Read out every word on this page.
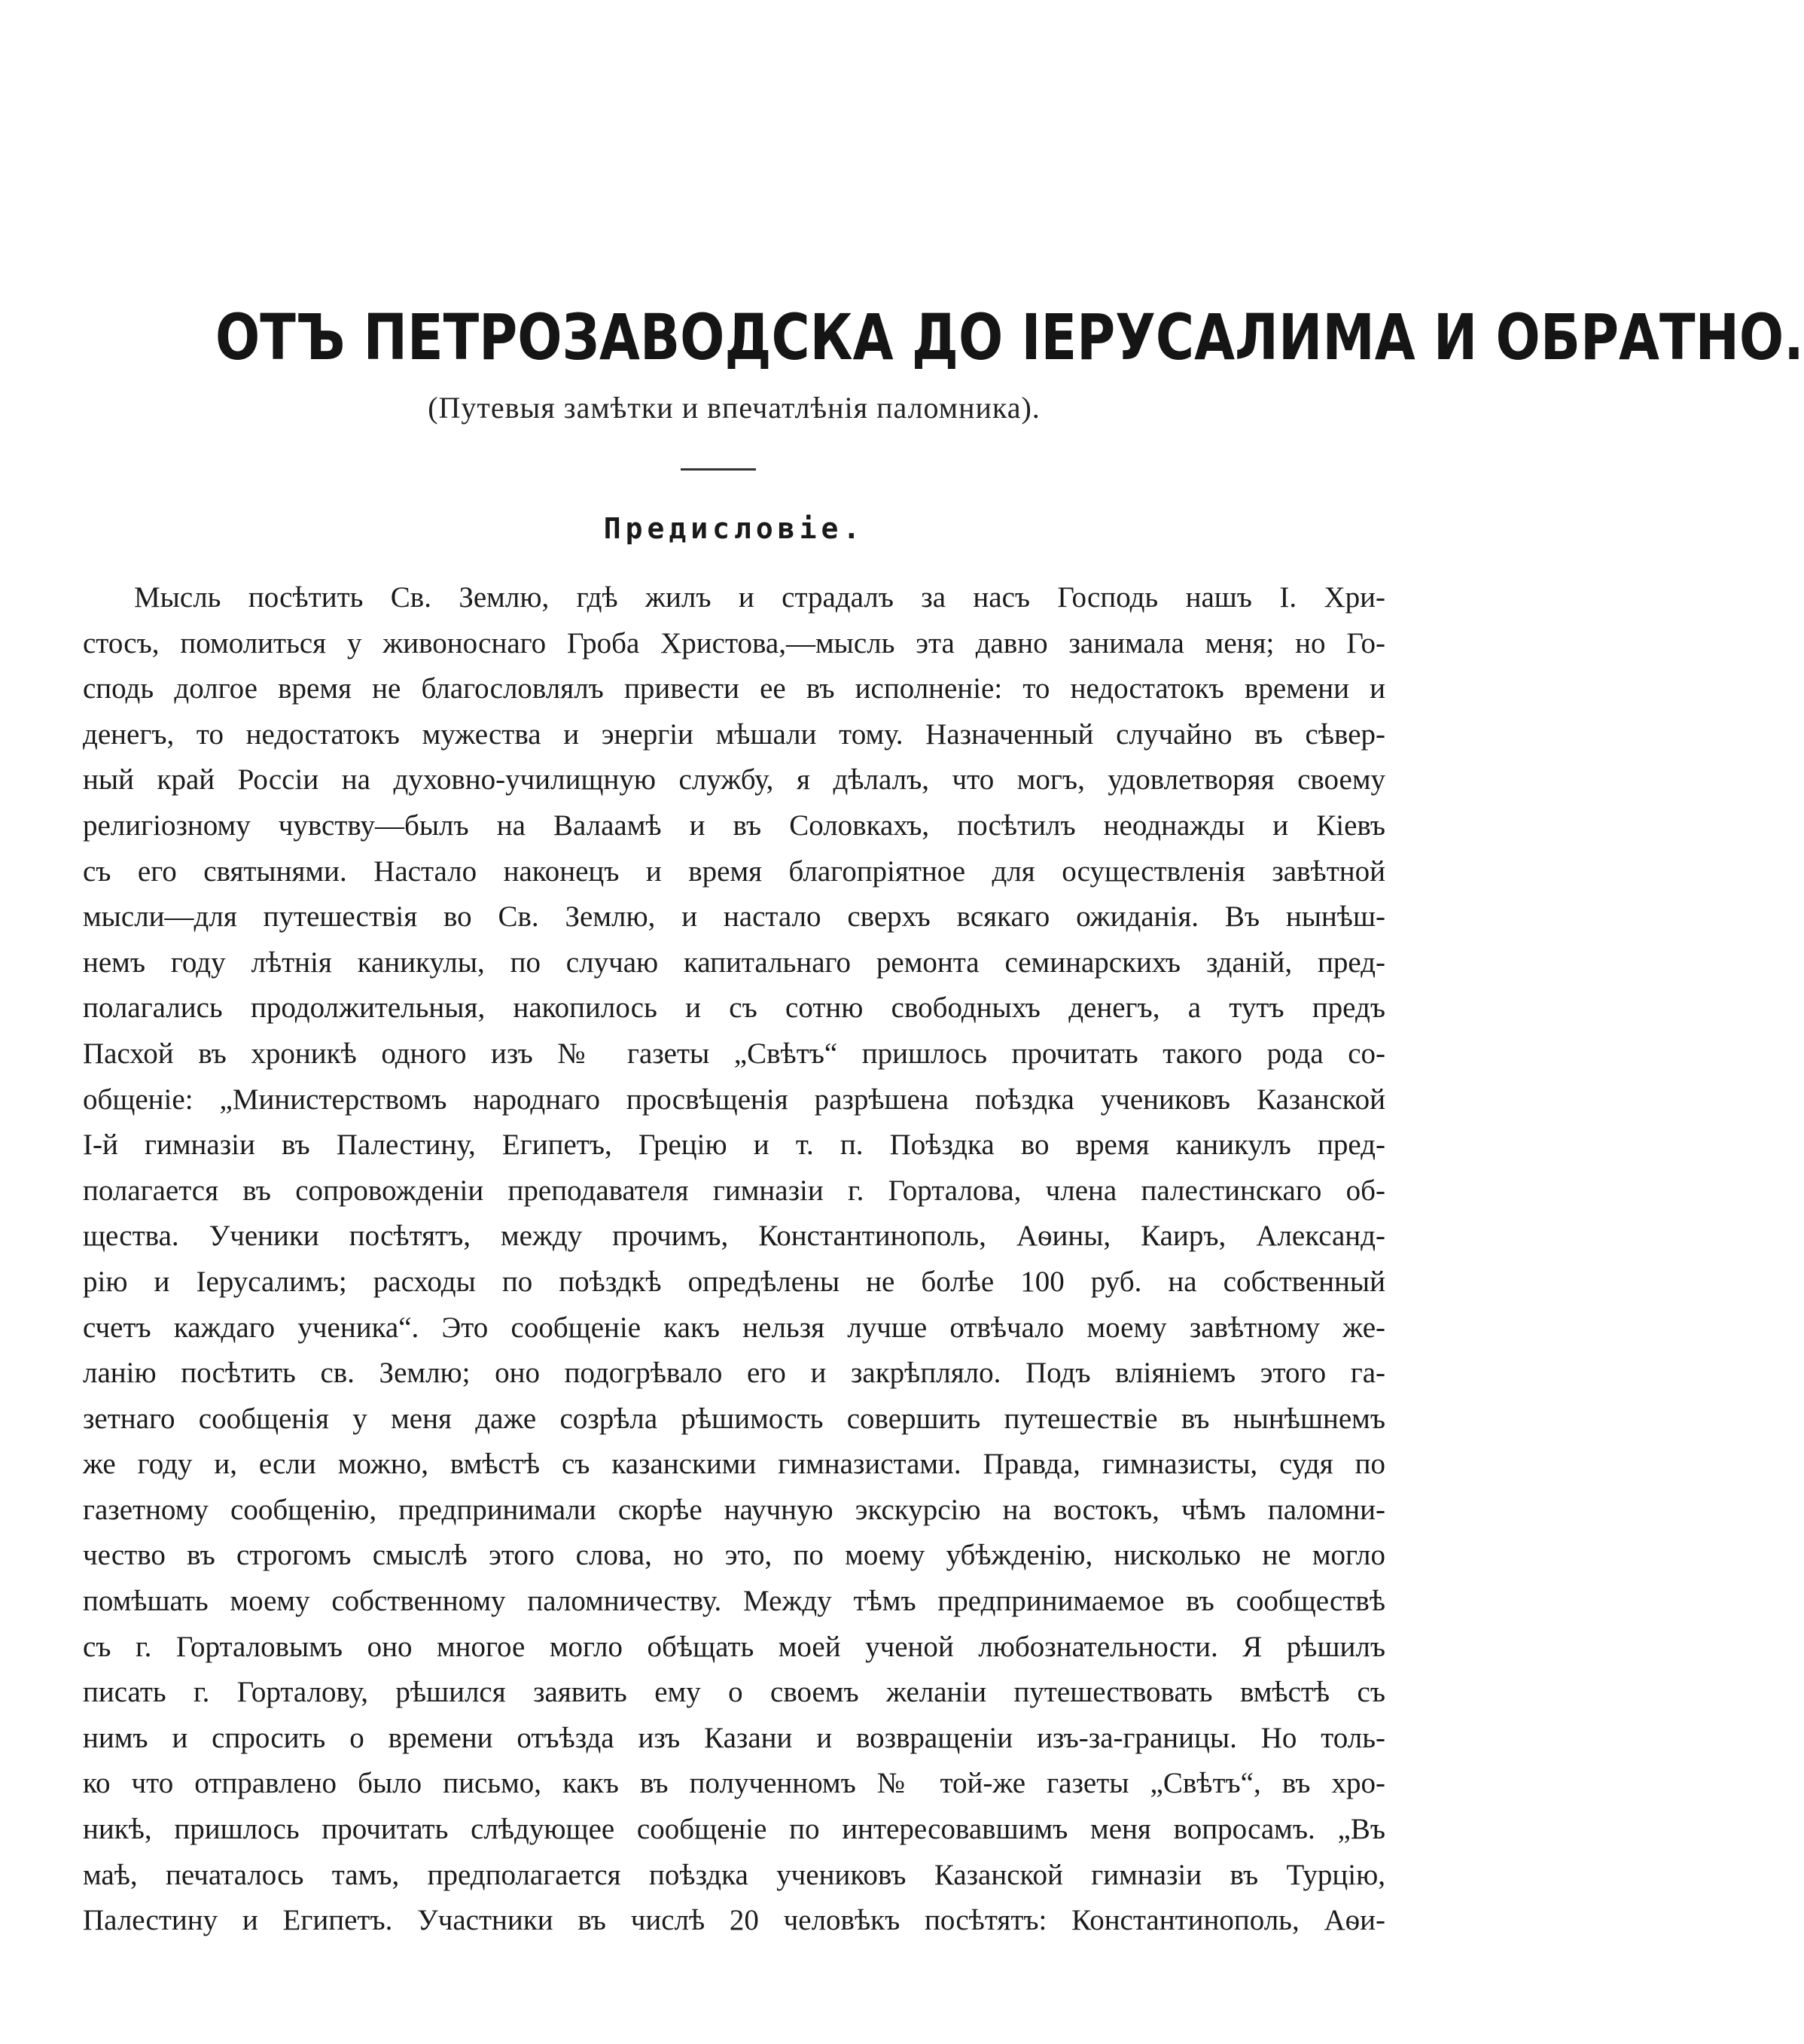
ОТЪ ПЕТРОЗАВОДСКА ДО ІЕРУСАЛИМА И ОБРАТНО.
(Путевыя замѣтки и впечатлѣнія паломника).
Предисловіе.
Мысль посѣтить Св. Землю, гдѣ жилъ и страдалъ за насъ Господь нашъ І. Хри-
стосъ, помолиться у живоноснаго Гроба Христова,—мысль эта давно занимала меня; но Го-
сподь долгое время не благословлялъ привести ее въ исполненіе: то недостатокъ времени и
денегъ, то недостатокъ мужества и энергіи мѣшали тому. Назначенный случайно въ сѣвер-
ный край Россіи на духовно-училищную службу, я дѣлалъ, что могъ, удовлетворяя своему
религіозному чувству—былъ на Валаамѣ и въ Соловкахъ, посѣтилъ неоднажды и Кіевъ
съ его святынями. Настало наконецъ и время благопріятное для осуществленія завѣтной
мысли—для путешествія во Св. Землю, и настало сверхъ всякаго ожиданія. Въ нынѣш-
немъ году лѣтнія каникулы, по случаю капитальнаго ремонта семинарскихъ зданій, пред-
полагались продолжительныя, накопилось и съ сотню свободныхъ денегъ, а тутъ предъ
Пасхой въ хроникѣ одного изъ № газеты „Свѣтъ“ пришлось прочитать такого рода со-
общеніе: „Министерствомъ народнаго просвѣщенія разрѣшена поѣздка учениковъ Казанской
I-й гимназіи въ Палестину, Египетъ, Грецію и т. п. Поѣздка во время каникулъ пред-
полагается въ сопровожденіи преподавателя гимназіи г. Горталова, члена палестинскаго об-
щества. Ученики посѣтятъ, между прочимъ, Константинополь, Аѳины, Каиръ, Александ-
рію и Іерусалимъ; расходы по поѣздкѣ опредѣлены не болѣе 100 руб. на собственный
счетъ каждаго ученика“. Это сообщеніе какъ нельзя лучше отвѣчало моему завѣтному же-
ланію посѣтить св. Землю; оно подогрѣвало его и закрѣпляло. Подъ вліяніемъ этого га-
зетнаго сообщенія у меня даже созрѣла рѣшимость совершить путешествіе въ нынѣшнемъ
же году и, если можно, вмѣстѣ съ казанскими гимназистами. Правда, гимназисты, судя по
газетному сообщенію, предпринимали скорѣе научную экскурсію на востокъ, чѣмъ паломни-
чество въ строгомъ смыслѣ этого слова, но это, по моему убѣжденію, нисколько не могло
помѣшать моему собственному паломничеству. Между тѣмъ предпринимаемое въ сообществѣ
съ г. Горталовымъ оно многое могло обѣщать моей ученой любознательности. Я рѣшилъ
писать г. Горталову, рѣшился заявить ему о своемъ желаніи путешествовать вмѣстѣ съ
нимъ и спросить о времени отъѣзда изъ Казани и возвращеніи изъ-за-границы. Но толь-
ко что отправлено было письмо, какъ въ полученномъ № той-же газеты „Свѣтъ“, въ хро-
никѣ, пришлось прочитать слѣдующее сообщеніе по интересовавшимъ меня вопросамъ. „Въ
маѣ, печаталось тамъ, предполагается поѣздка учениковъ Казанской гимназіи въ Турцію,
Палестину и Египетъ. Участники въ числѣ 20 человѣкъ посѣтятъ: Константинополь, Аѳи-
